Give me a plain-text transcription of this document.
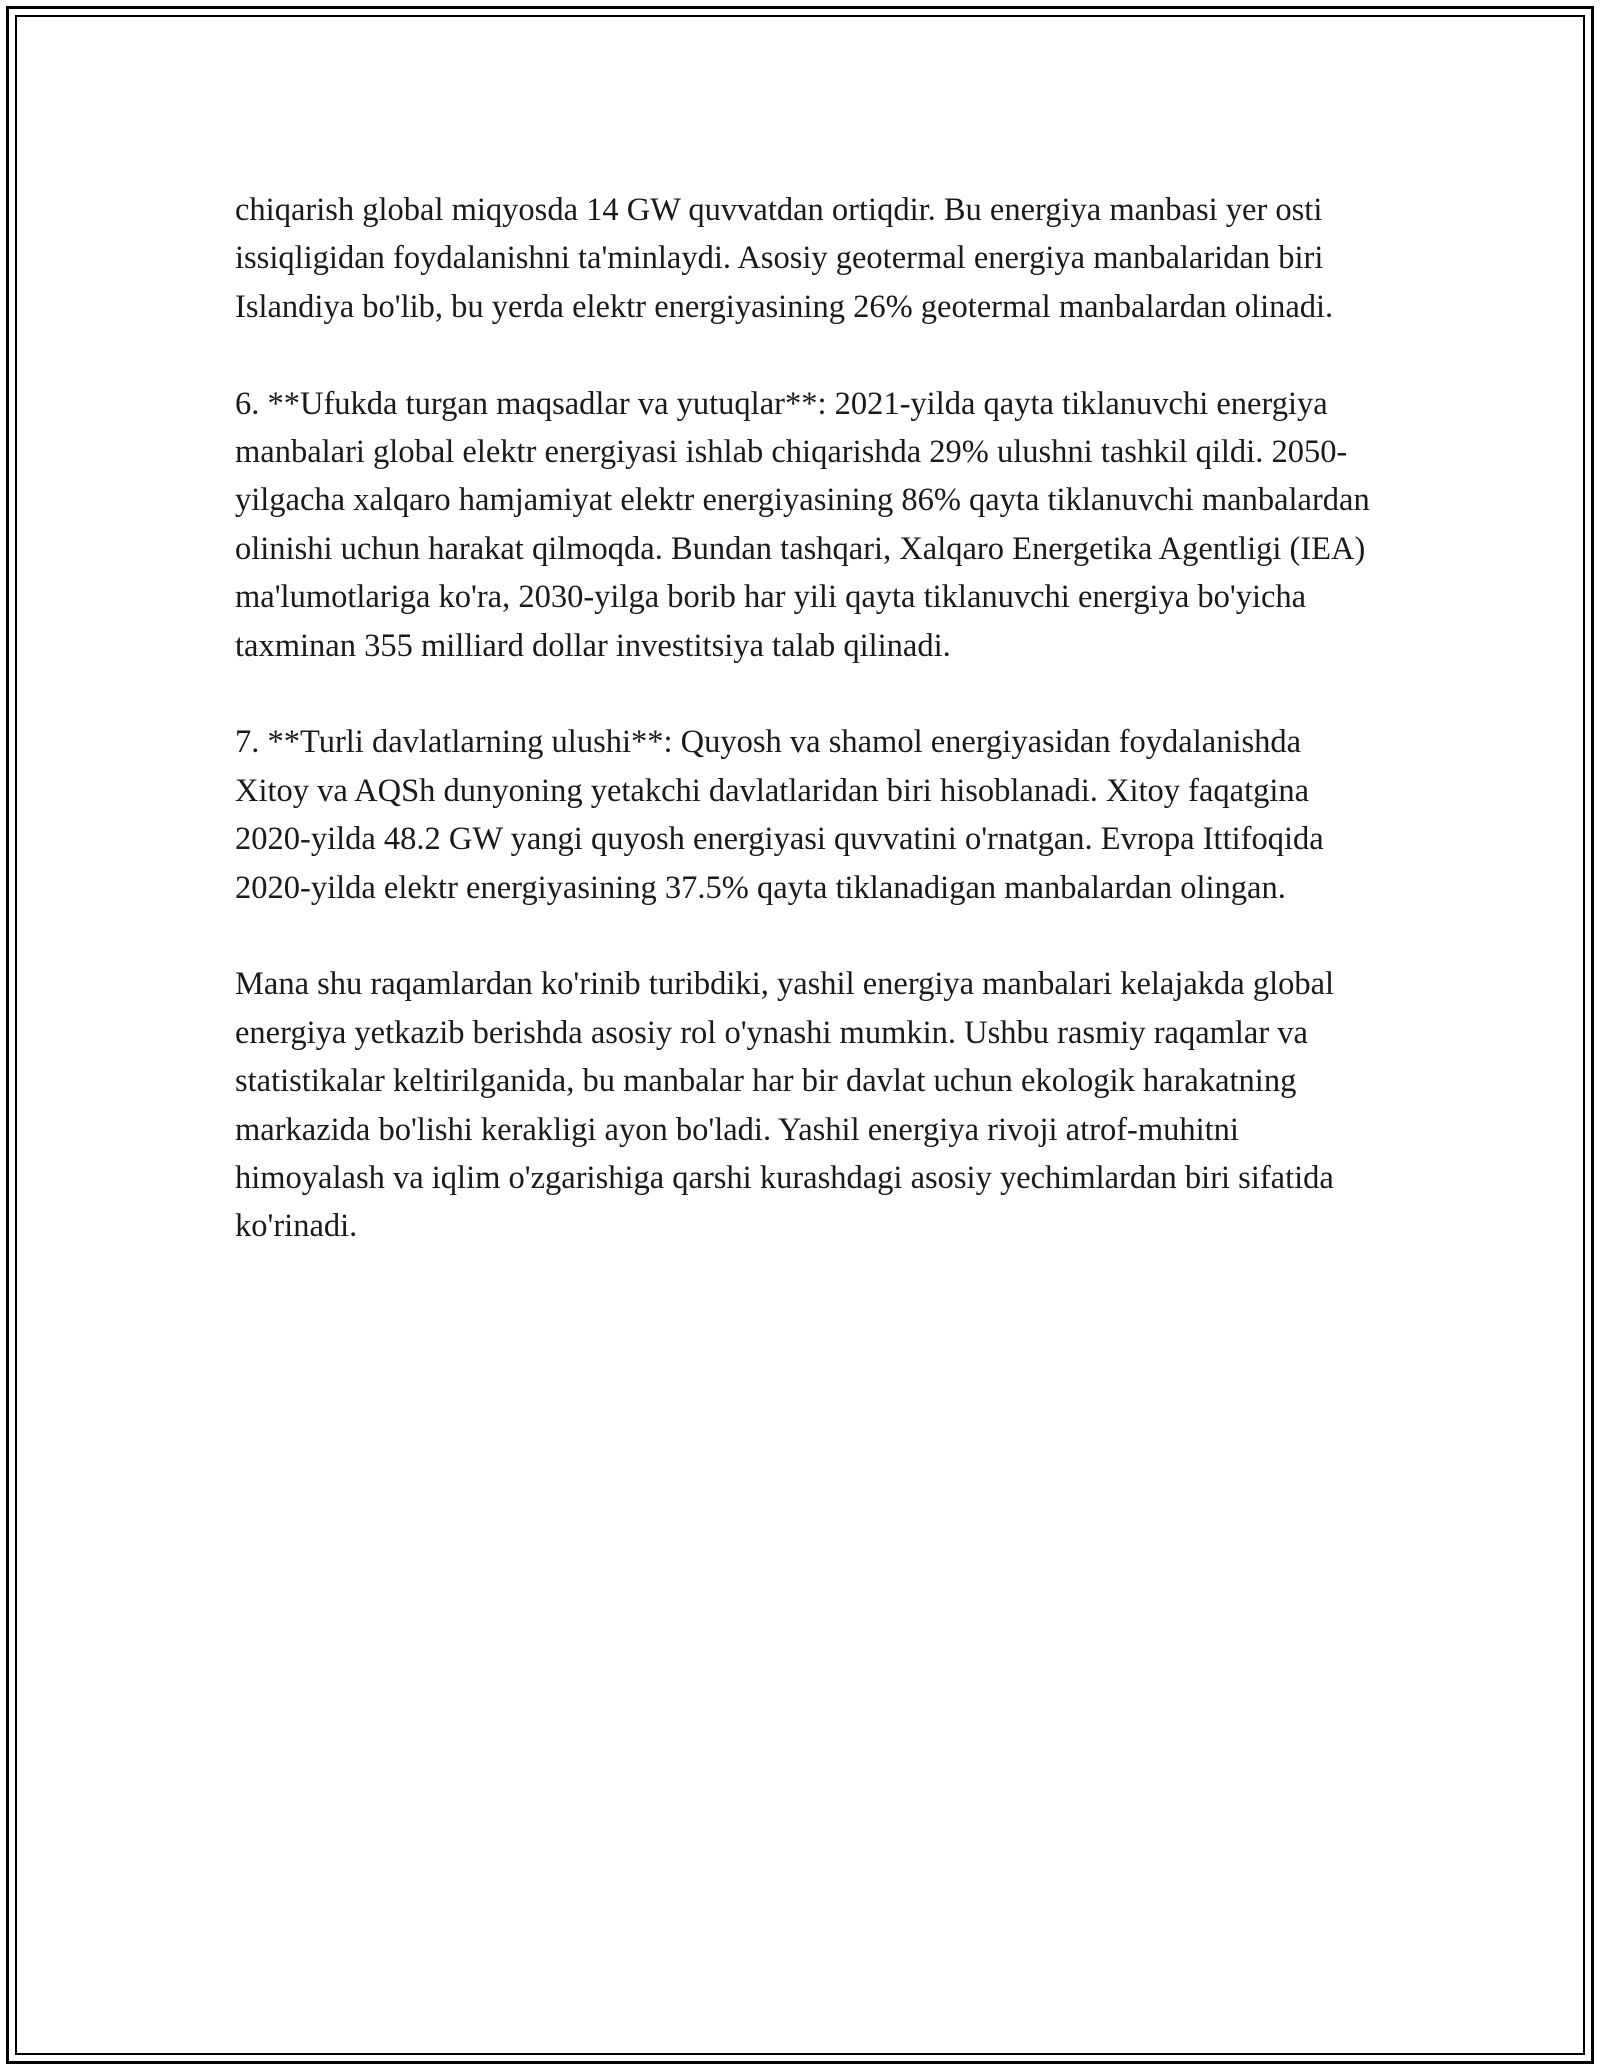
chiqarish global miqyosda 14 GW quvvatdan ortiqdir. Bu energiya manbasi yer osti issiqligidan foydalanishni ta'minlaydi. Asosiy geotermal energiya manbalaridan biri Islandiya bo'lib, bu yerda elektr energiyasining 26% geotermal manbalardan olinadi.

6. **Ufukda turgan maqsadlar va yutuqlar**: 2021-yilda qayta tiklanuvchi energiya manbalari global elektr energiyasi ishlab chiqarishda 29% ulushni tashkil qildi. 2050-yilgacha xalqaro hamjamiyat elektr energiyasining 86% qayta tiklanuvchi manbalardan olinishi uchun harakat qilmoqda. Bundan tashqari, Xalqaro Energetika Agentligi (IEA) ma'lumotlariga ko'ra, 2030-yilga borib har yili qayta tiklanuvchi energiya bo'yicha taxminan 355 milliard dollar investitsiya talab qilinadi.

7. **Turli davlatlarning ulushi**: Quyosh va shamol energiyasidan foydalanishda Xitoy va AQSh dunyoning yetakchi davlatlaridan biri hisoblanadi. Xitoy faqatgina 2020-yilda 48.2 GW yangi quyosh energiyasi quvvatini o'rnatgan. Evropa Ittifoqida 2020-yilda elektr energiyasining 37.5% qayta tiklanadigan manbalardan olingan.

Mana shu raqamlardan ko'rinib turibdiki, yashil energiya manbalari kelajakda global energiya yetkazib berishda asosiy rol o'ynashi mumkin. Ushbu rasmiy raqamlar va statistikalar keltirilganida, bu manbalar har bir davlat uchun ekologik harakatning markazida bo'lishi kerakligi ayon bo'ladi. Yashil energiya rivoji atrof-muhitni himoyalash va iqlim o'zgarishiga qarshi kurashdagi asosiy yechimlardan biri sifatida ko'rinadi.
